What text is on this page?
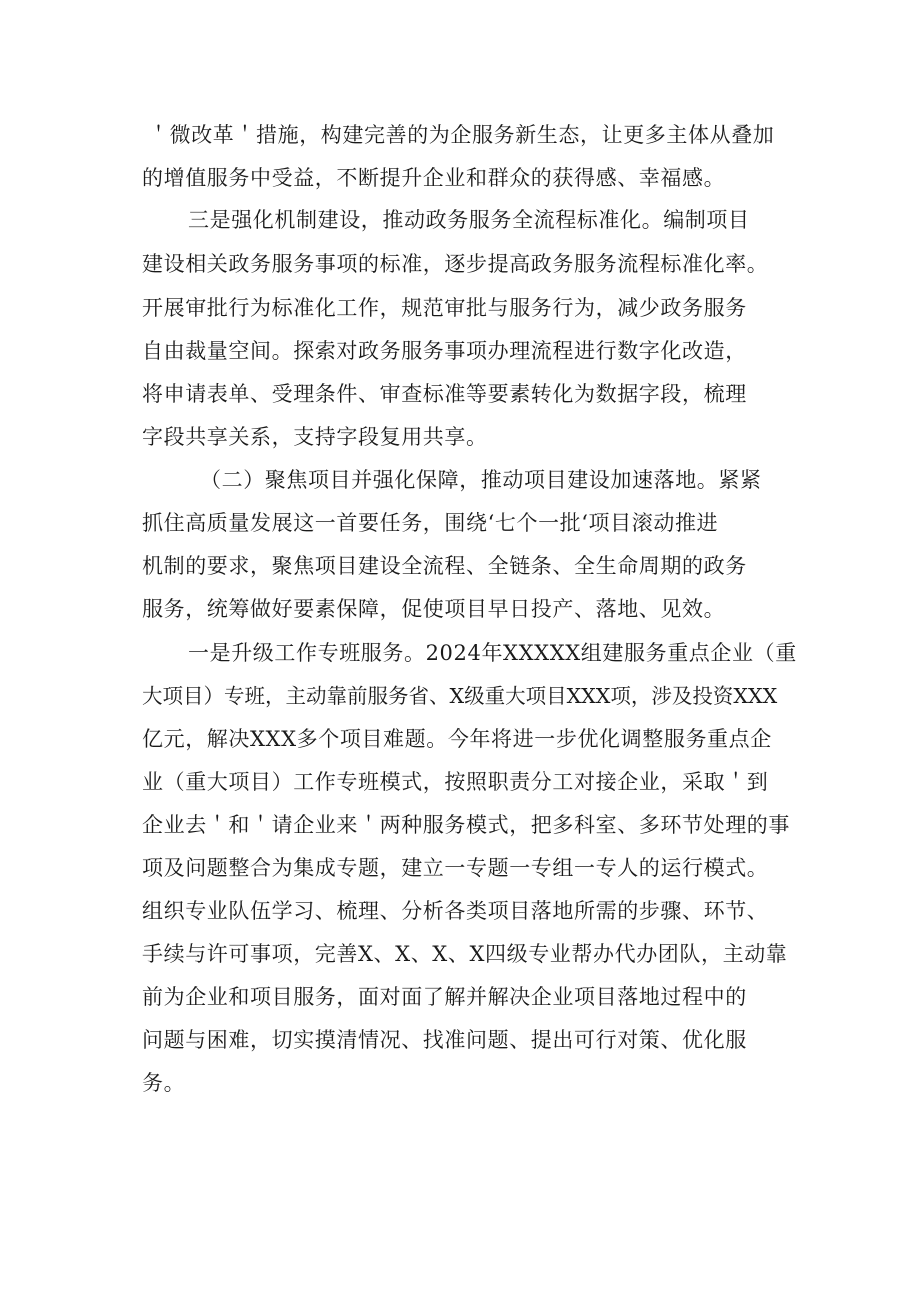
＇微改革＇措施，构建完善的为企服务新生态，让更多主体从叠加

的增值服务中受益，不断提升企业和群众的获得感、幸福感。

三是强化机制建设，推动政务服务全流程标准化。编制项目

建设相关政务服务事项的标准，逐步提高政务服务流程标准化率。

开展审批行为标准化工作，规范审批与服务行为，减少政务服务

自由裁量空间。探索对政务服务事项办理流程进行数字化改造，

将申请表单、受理条件、审查标准等要素转化为数据字段，梳理

字段共享关系，支持字段复用共享。

（二）聚焦项目并强化保障，推动项目建设加速落地。紧紧

抓住高质量发展这一首要任务，围绕‘七个一批‘项目滚动推进

机制的要求，聚焦项目建设全流程、全链条、全生命周期的政务

服务，统筹做好要素保障，促使项目早日投产、落地、见效。

一是升级工作专班服务。2024年XXXXX组建服务重点企业（重

大项目）专班，主动靠前服务省、X级重大项目XXX项，涉及投资XXX

亿元，解决XXX多个项目难题。今年将进一步优化调整服务重点企

业（重大项目）工作专班模式，按照职责分工对接企业，采取＇到

企业去＇和＇请企业来＇两种服务模式，把多科室、多环节处理的事

项及问题整合为集成专题，建立一专题一专组一专人的运行模式。

组织专业队伍学习、梳理、分析各类项目落地所需的步骤、环节、

手续与许可事项，完善X、X、X、X四级专业帮办代办团队，主动靠

前为企业和项目服务，面对面了解并解决企业项目落地过程中的

问题与困难，切实摸清情况、找准问题、提出可行对策、优化服

务。
